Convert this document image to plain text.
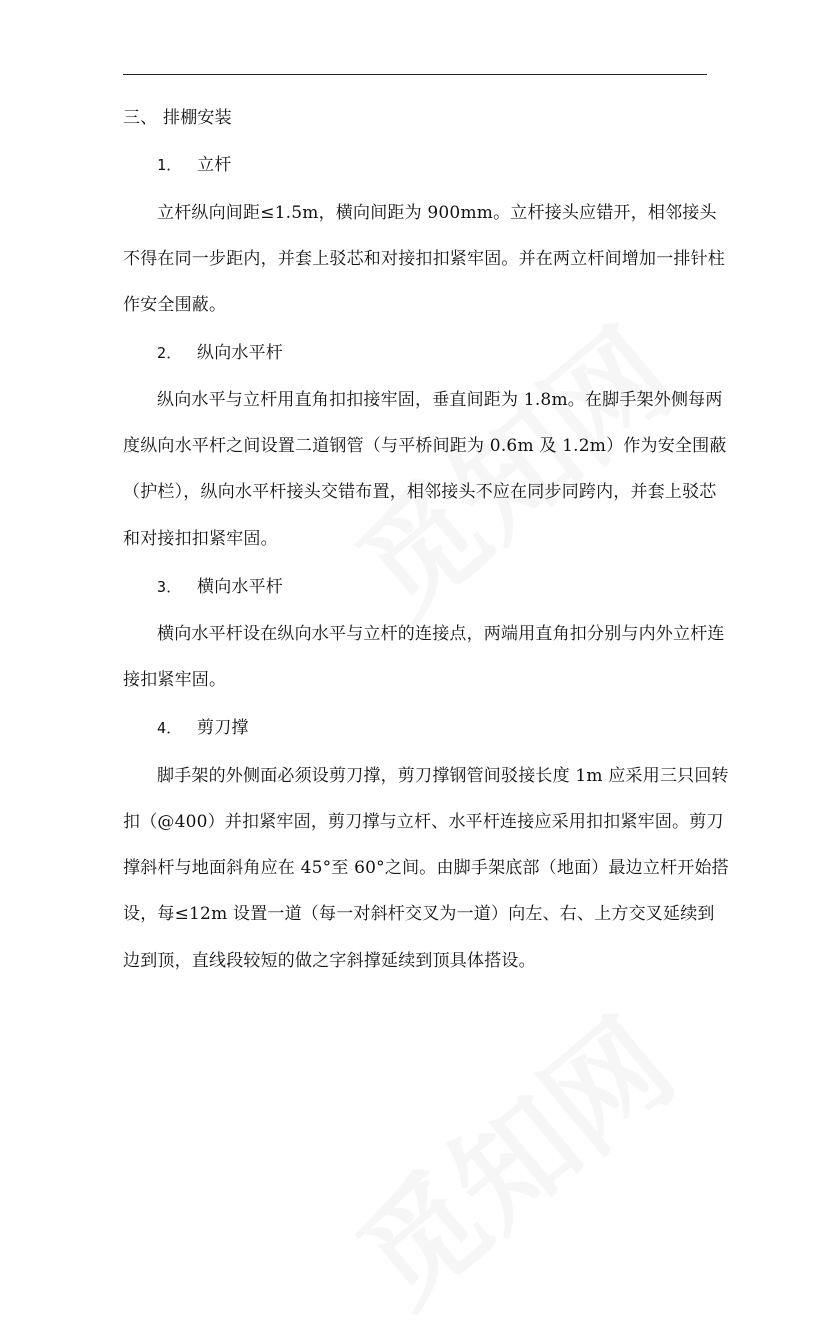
三、 排棚安装
1． 立杆
立杆纵向间距≤1.5m，横向间距为 900mm。立杆接头应错开，相邻接头
不得在同一步距内，并套上驳芯和对接扣扣紧牢固。并在两立杆间增加一排针柱
作安全围蔽。
2． 纵向水平杆
纵向水平与立杆用直角扣扣接牢固，垂直间距为 1.8m。在脚手架外侧每两
度纵向水平杆之间设置二道钢管（与平桥间距为 0.6m 及 1.2m）作为安全围蔽
（护栏），纵向水平杆接头交错布置，相邻接头不应在同步同跨内，并套上驳芯
和对接扣扣紧牢固。
3． 横向水平杆
横向水平杆设在纵向水平与立杆的连接点，两端用直角扣分别与内外立杆连
接扣紧牢固。
4． 剪刀撑
脚手架的外侧面必须设剪刀撑，剪刀撑钢管间驳接长度 1m 应采用三只回转
扣（@400）并扣紧牢固，剪刀撑与立杆、水平杆连接应采用扣扣紧牢固。剪刀
撑斜杆与地面斜角应在 45°至 60°之间。由脚手架底部（地面）最边立杆开始搭
设，每≤12m 设置一道（每一对斜杆交叉为一道）向左、右、上方交叉延续到
边到顶，直线段较短的做之字斜撑延续到顶具体搭设。
